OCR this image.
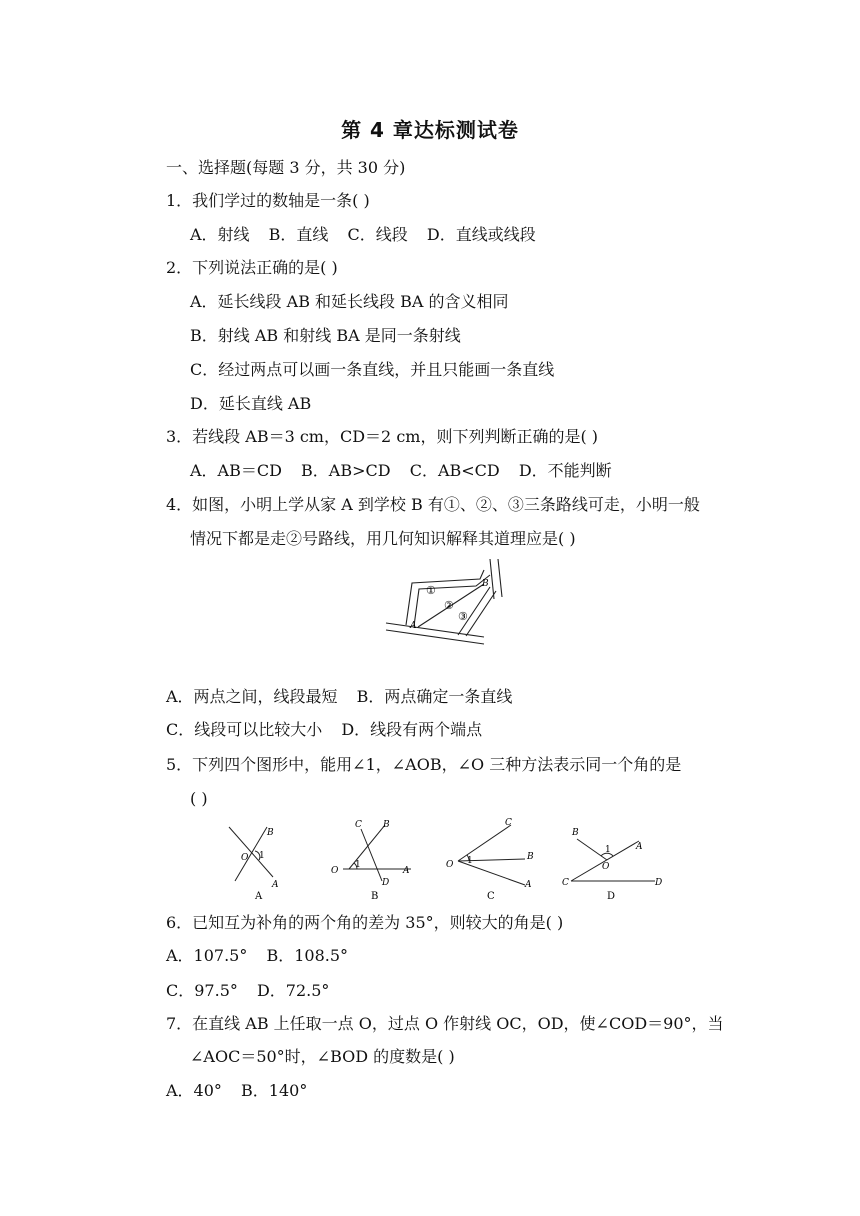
第 4 章达标测试卷
一、选择题(每题 3 分，共 30 分)
1．我们学过的数轴是一条( )
A．射线 B．直线 C．线段 D．直线或线段
2．下列说法正确的是( )
A．延长线段 AB 和延长线段 BA 的含义相同
B．射线 AB 和射线 BA 是同一条射线
C．经过两点可以画一条直线，并且只能画一条直线
D．延长直线 AB
3．若线段 AB＝3 cm，CD＝2 cm，则下列判断正确的是( )
A．AB＝CD B．AB>CD C．AB<CD D．不能判断
4．如图，小明上学从家 A 到学校 B 有①、②、③三条路线可走，小明一般
情况下都是走②号路线，用几何知识解释其道理应是( )
①
②
③
A
B
A．两点之间，线段最短 B．两点确定一条直线
C．线段可以比较大小 D．线段有两个端点
5．下列四个图形中，能用∠1，∠AOB，∠O 三种方法表示同一个角的是
( )
B
O 1
A
C B
O
1
D
A
C
B
O 1
A
B
1	A
C
O
D
A	B	C	D
6．已知互为补角的两个角的差为 35°，则较大的角是( )
A．107.5° B．108.5°
C．97.5° D．72.5°
7．在直线 AB 上任取一点 O，过点 O 作射线 OC，OD，使∠COD＝90°，当
∠AOC＝50°时，∠BOD 的度数是( )
A．40° B．140°
